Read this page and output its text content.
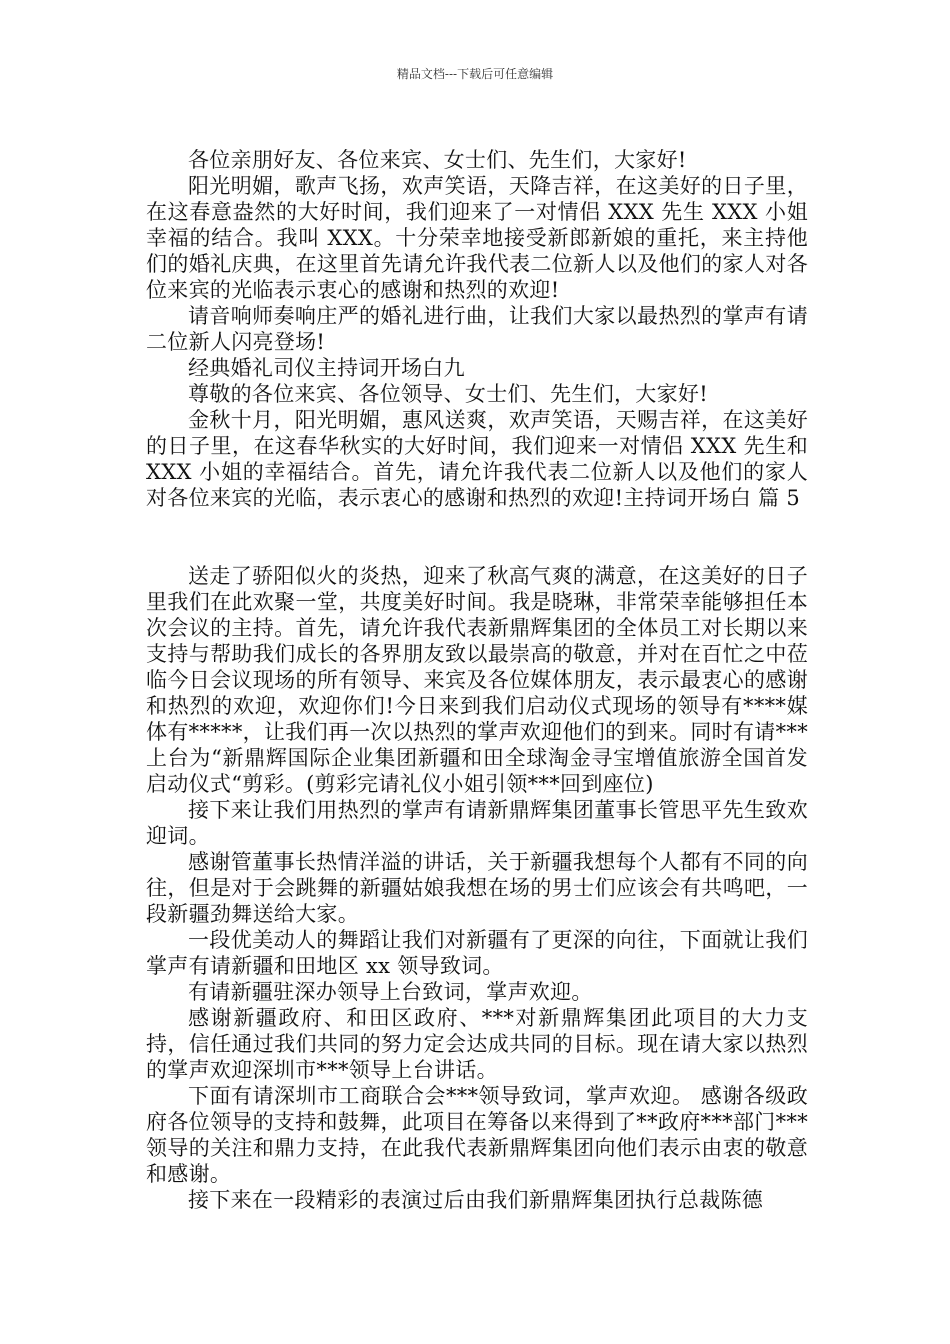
精品文档---下载后可任意编辑

各位亲朋好友、各位来宾、女士们、先生们，大家好!

阳光明媚，歌声飞扬，欢声笑语，天降吉祥，在这美好的日子里，在这春意盎然的大好时间，我们迎来了一对情侣 XXX 先生 XXX 小姐幸福的结合。我叫 XXX。十分荣幸地接受新郎新娘的重托，来主持他们的婚礼庆典，在这里首先请允许我代表二位新人以及他们的家人对各位来宾的光临表示衷心的感谢和热烈的欢迎!

请音响师奏响庄严的婚礼进行曲，让我们大家以最热烈的掌声有请二位新人闪亮登场!

经典婚礼司仪主持词开场白九

尊敬的各位来宾、各位领导、女士们、先生们，大家好!

金秋十月，阳光明媚，惠风送爽，欢声笑语，天赐吉祥，在这美好的日子里，在这春华秋实的大好时间，我们迎来一对情侣 XXX 先生和 XXX 小姐的幸福结合。首先，请允许我代表二位新人以及他们的家人对各位来宾的光临，表示衷心的感谢和热烈的欢迎!主持词开场白 篇 5

送走了骄阳似火的炎热，迎来了秋高气爽的满意，在这美好的日子里我们在此欢聚一堂，共度美好时间。我是晓琳，非常荣幸能够担任本次会议的主持。首先，请允许我代表新鼎辉集团的全体员工对长期以来支持与帮助我们成长的各界朋友致以最崇高的敬意，并对在百忙之中莅临今日会议现场的所有领导、来宾及各位媒体朋友，表示最衷心的感谢和热烈的欢迎，欢迎你们!今日来到我们启动仪式现场的领导有****媒体有*****，让我们再一次以热烈的掌声欢迎他们的到来。同时有请***上台为“新鼎辉国际企业集团新疆和田全球淘金寻宝增值旅游全国首发启动仪式“剪彩。(剪彩完请礼仪小姐引领***回到座位)

接下来让我们用热烈的掌声有请新鼎辉集团董事长管思平先生致欢迎词。

感谢管董事长热情洋溢的讲话，关于新疆我想每个人都有不同的向往，但是对于会跳舞的新疆姑娘我想在场的男士们应该会有共鸣吧，一段新疆劲舞送给大家。

一段优美动人的舞蹈让我们对新疆有了更深的向往，下面就让我们掌声有请新疆和田地区 xx 领导致词。

有请新疆驻深办领导上台致词，掌声欢迎。

感谢新疆政府、和田区政府、***对新鼎辉集团此项目的大力支持，信任通过我们共同的努力定会达成共同的目标。现在请大家以热烈的掌声欢迎深圳市***领导上台讲话。

下面有请深圳市工商联合会***领导致词，掌声欢迎。 感谢各级政府各位领导的支持和鼓舞，此项目在筹备以来得到了**政府***部门***领导的关注和鼎力支持，在此我代表新鼎辉集团向他们表示由衷的敬意和感谢。

接下来在一段精彩的表演过后由我们新鼎辉集团执行总裁陈德
